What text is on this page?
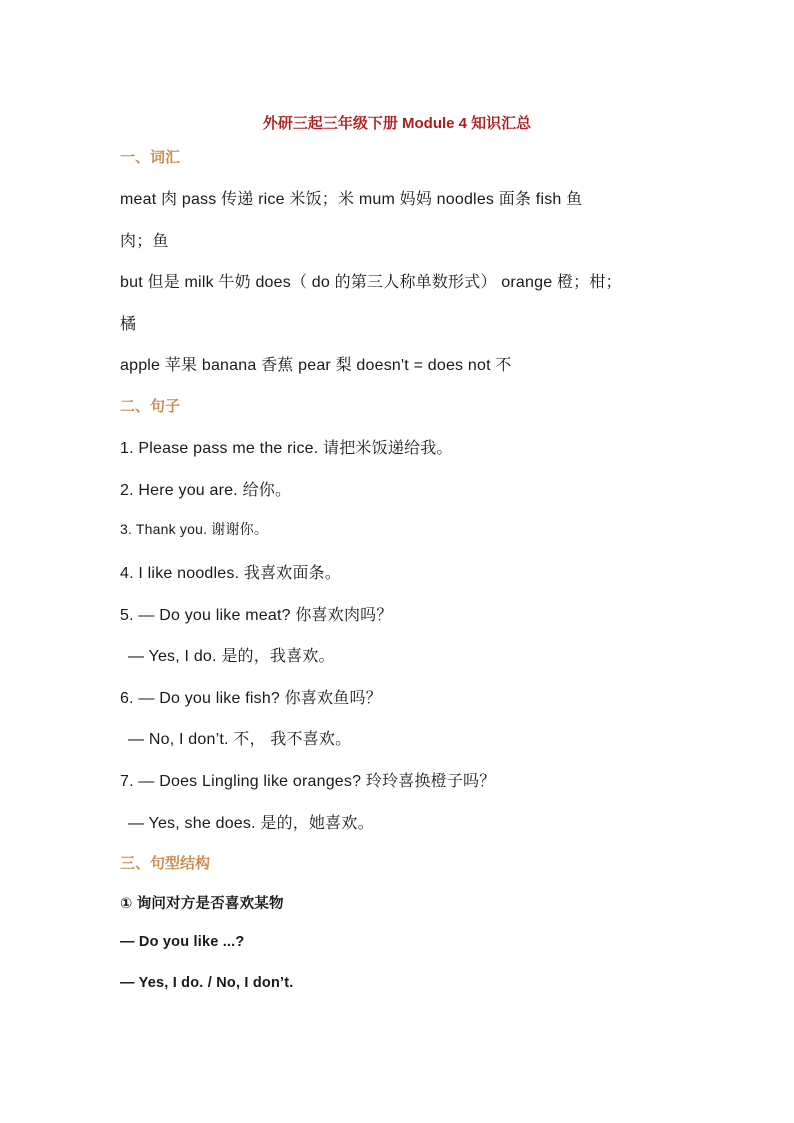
外研三起三年级下册 Module 4 知识汇总
一、词汇
meat 肉 pass 传递 rice 米饭；米 mum 妈妈 noodles 面条 fish 鱼
肉；鱼
but 但是 milk 牛奶 does（ do 的第三人称单数形式） orange 橙；柑；
橘
apple 苹果 banana 香蕉 pear 梨 doesn't = does not 不
二、句子
1. Please pass me the rice. 请把米饭递给我。
2. Here you are. 给你。
3. Thank you. 谢谢你。
4. I like noodles. 我喜欢面条。
5. — Do you like meat? 你喜欢肉吗？
— Yes, I do. 是的，我喜欢。
6. — Do you like fish? 你喜欢鱼吗？
— No, I don’t. 不， 我不喜欢。
7. — Does Lingling like oranges? 玲玲喜换橙子吗？
— Yes, she does. 是的，她喜欢。
三、句型结构
① 询问对方是否喜欢某物
— Do you like ...?
— Yes, I do. / No, I don’t.
